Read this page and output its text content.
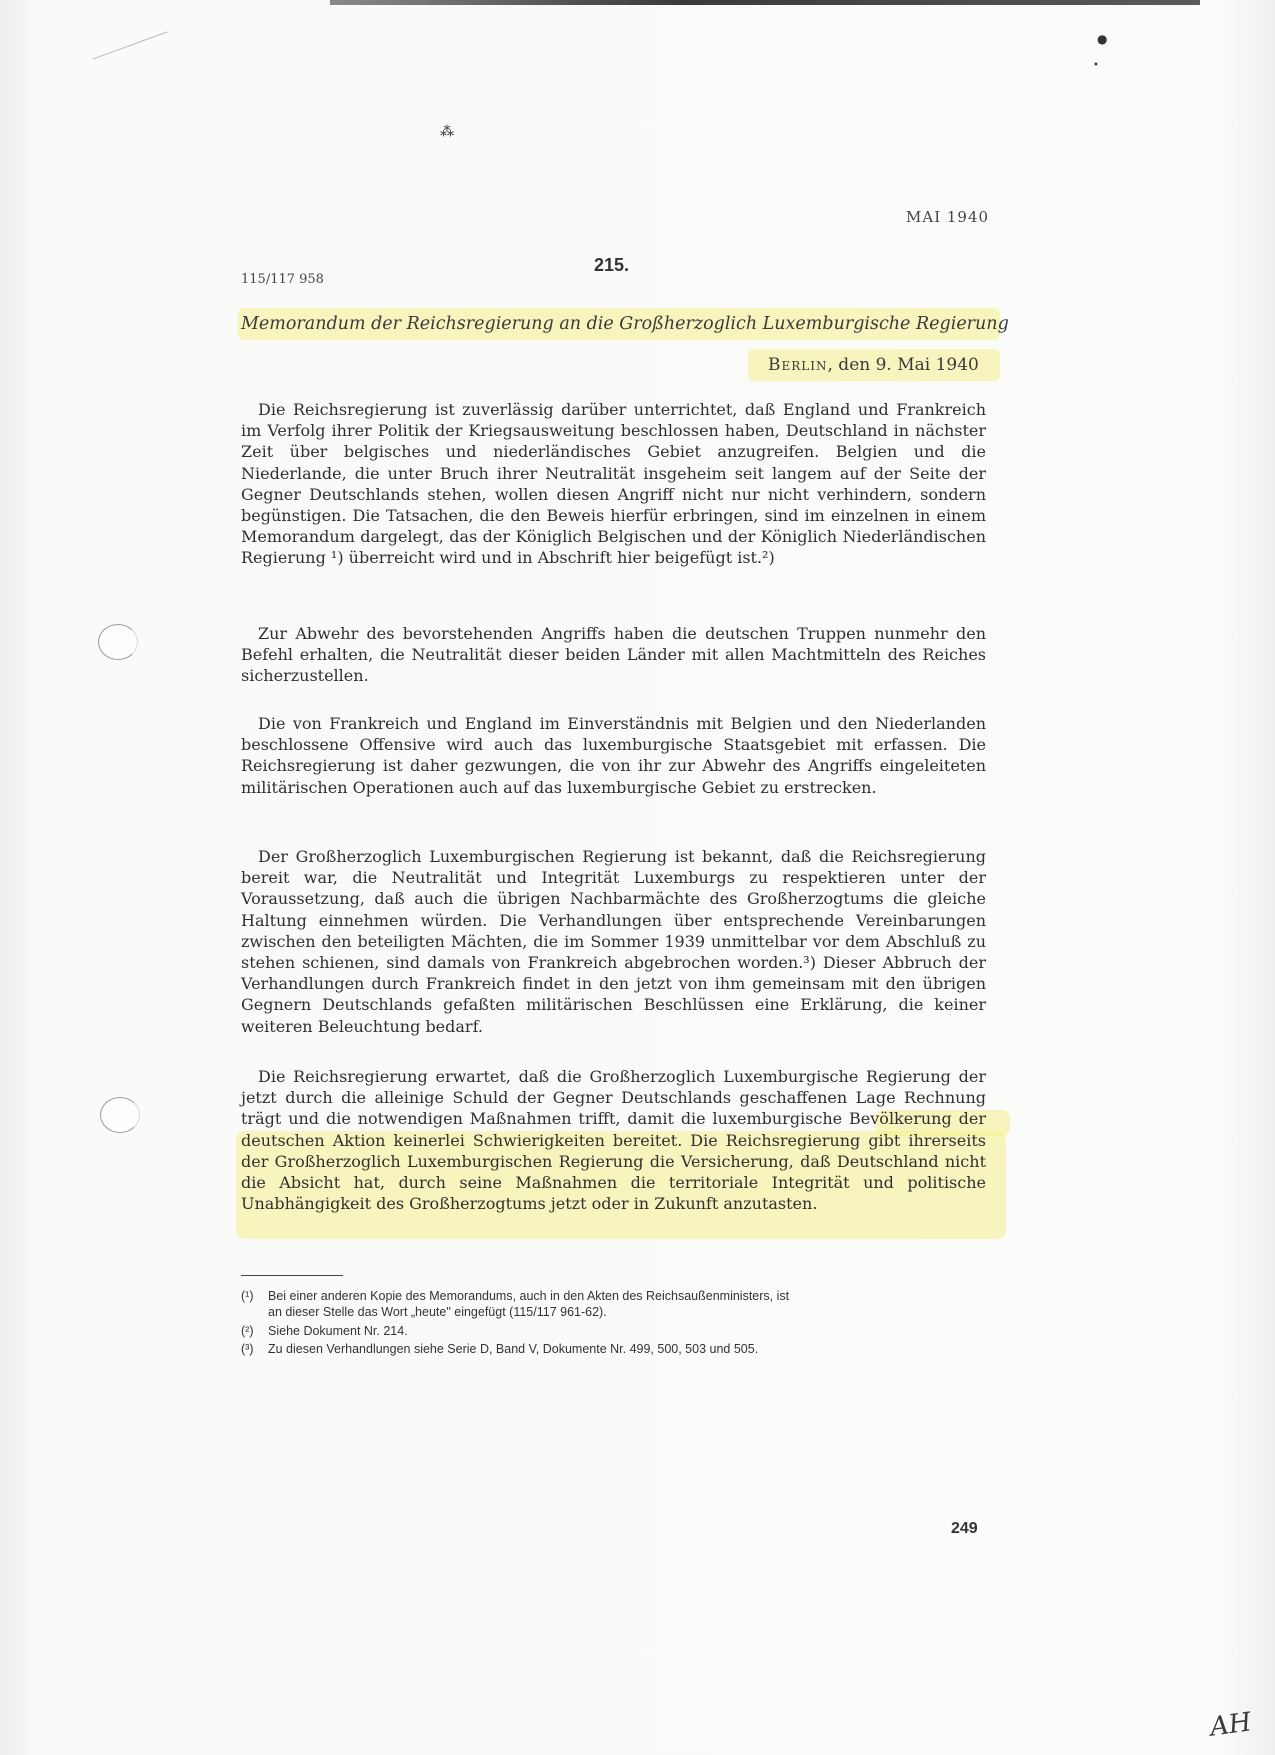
⁂
●
•
MAI 1940
215.
115/117 958
Memorandum der Reichsregierung an die Großherzoglich Luxemburgische Regierung
Berlin, den 9. Mai 1940

Die Reichsregierung ist zuverlässig darüber unterrichtet, daß England und Frankreich im Verfolg ihrer Politik der Kriegsausweitung beschlossen haben, Deutschland in nächster Zeit über belgisches und niederländisches Gebiet anzugreifen. Belgien und die Niederlande, die unter Bruch ihrer Neutralität insgeheim seit langem auf der Seite der Gegner Deutschlands stehen, wollen diesen Angriff nicht nur nicht verhindern, sondern begünstigen. Die Tatsachen, die den Beweis hierfür erbringen, sind im einzelnen in einem Memorandum dargelegt, das der Königlich Belgischen und der Königlich Niederländischen Regierung ¹) überreicht wird und in Abschrift hier beigefügt ist.²)

Zur Abwehr des bevorstehenden Angriffs haben die deutschen Truppen nunmehr den Befehl erhalten, die Neutralität dieser beiden Länder mit allen Machtmitteln des Reiches sicherzustellen.

Die von Frankreich und England im Einverständnis mit Belgien und den Niederlanden beschlossene Offensive wird auch das luxemburgische Staatsgebiet mit erfassen. Die Reichsregierung ist daher gezwungen, die von ihr zur Abwehr des Angriffs eingeleiteten militärischen Operationen auch auf das luxemburgische Gebiet zu erstrecken.

Der Großherzoglich Luxemburgischen Regierung ist bekannt, daß die Reichsregierung bereit war, die Neutralität und Integrität Luxemburgs zu respektieren unter der Voraussetzung, daß auch die übrigen Nachbarmächte des Großherzogtums die gleiche Haltung einnehmen würden. Die Verhandlungen über entsprechende Vereinbarungen zwischen den beteiligten Mächten, die im Sommer 1939 unmittelbar vor dem Abschluß zu stehen schienen, sind damals von Frankreich abgebrochen worden.³) Dieser Abbruch der Verhandlungen durch Frankreich findet in den jetzt von ihm gemeinsam mit den übrigen Gegnern Deutschlands gefaßten militärischen Beschlüssen eine Erklärung, die keiner weiteren Beleuchtung bedarf.

Die Reichsregierung erwartet, daß die Großherzoglich Luxemburgische Regierung der jetzt durch die alleinige Schuld der Gegner Deutschlands geschaffenen Lage Rechnung trägt und die notwendigen Maßnahmen trifft, damit die luxemburgische Bevölkerung der deutschen Aktion keinerlei Schwierigkeiten bereitet. Die Reichsregierung gibt ihrerseits der Großherzoglich Luxemburgischen Regierung die Versicherung, daß Deutschland nicht die Absicht hat, durch seine Maßnahmen die territoriale Integrität und politische Unabhängigkeit des Großherzogtums jetzt oder in Zukunft anzutasten.

(¹) Bei einer anderen Kopie des Memorandums, auch in den Akten des Reichsaußenministers, ist
an dieser Stelle das Wort „heute" eingefügt (115/117 961-62).
(²) Siehe Dokument Nr. 214.
(³) Zu diesen Verhandlungen siehe Serie D, Band V, Dokumente Nr. 499, 500, 503 und 505.
249
AH
